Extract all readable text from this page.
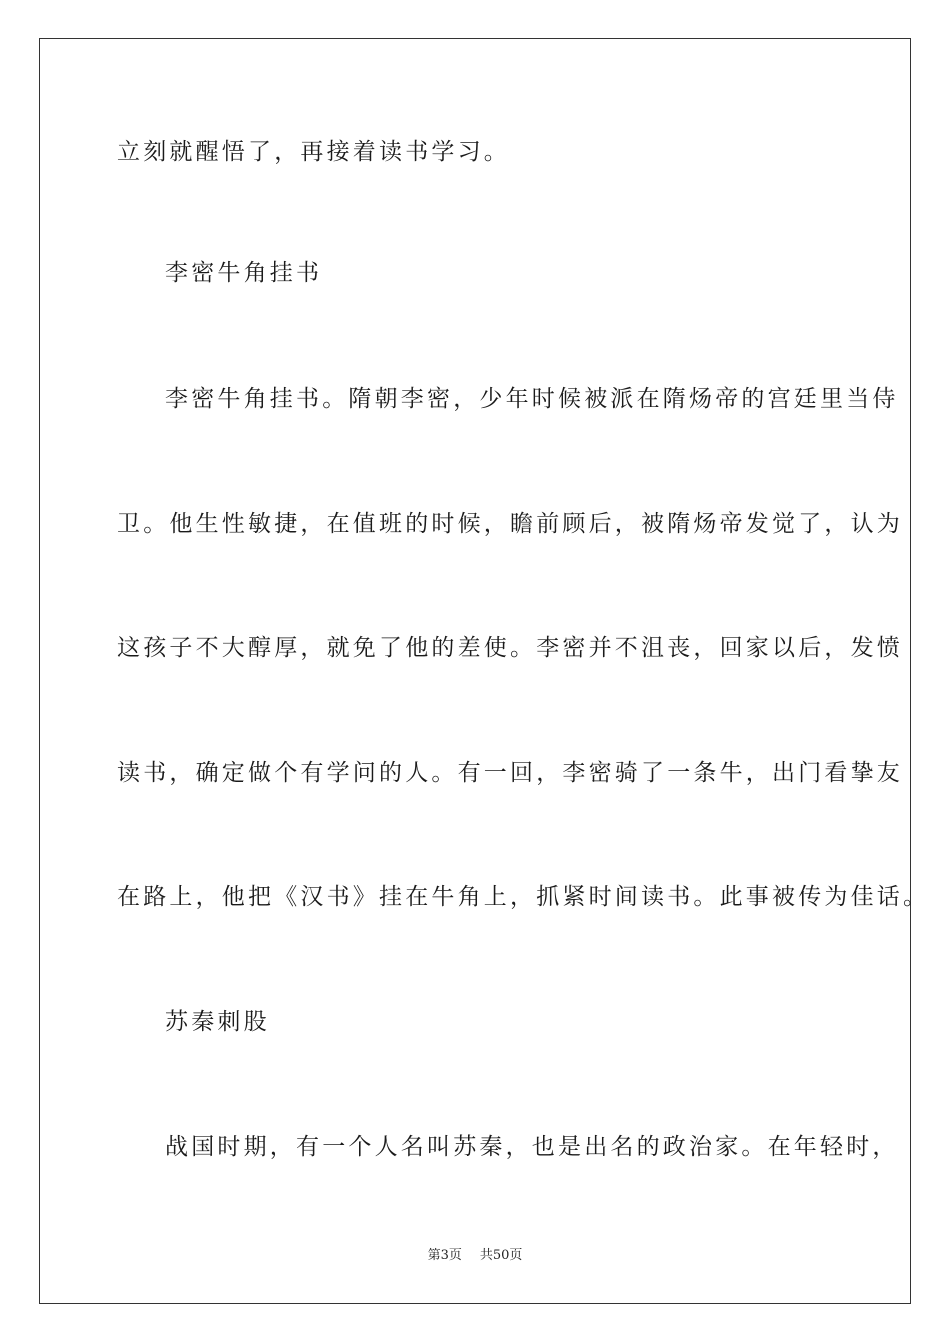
立刻就醒悟了，再接着读书学习。
李密牛角挂书
李密牛角挂书。隋朝李密，少年时候被派在隋炀帝的宫廷里当侍
卫。他生性敏捷，在值班的时候，瞻前顾后，被隋炀帝发觉了，认为
这孩子不大醇厚，就免了他的差使。李密并不沮丧，回家以后，发愤
读书，确定做个有学问的人。有一回，李密骑了一条牛，出门看挚友
在路上，他把《汉书》挂在牛角上，抓紧时间读书。此事被传为佳话。
苏秦刺股
战国时期，有一个人名叫苏秦，也是出名的政治家。在年轻时，
第3页 共50页
